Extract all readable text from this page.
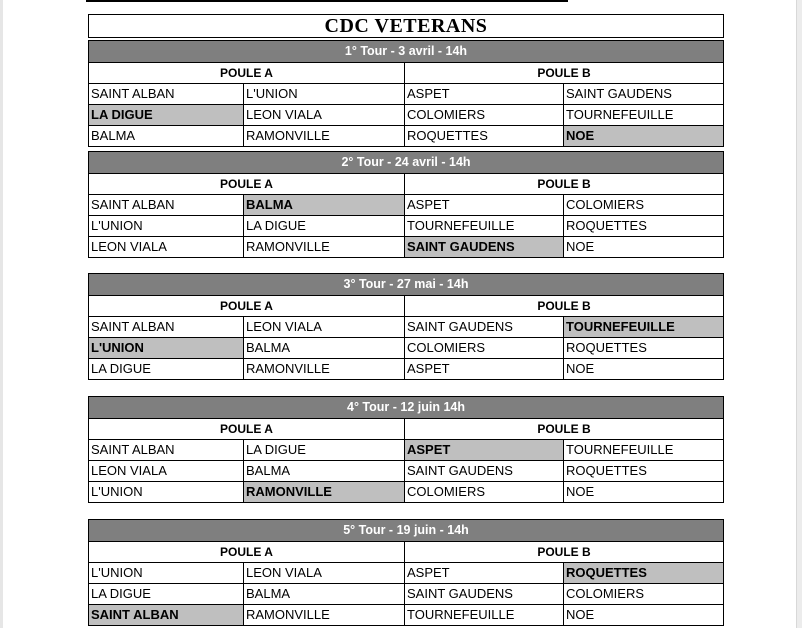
CDC VETERANS
1° Tour - 3 avril - 14h
POULE A	POULE B
SAINT ALBAN	L'UNION	ASPET	SAINT GAUDENS
LA DIGUE	LEON VIALA	COLOMIERS	TOURNEFEUILLE
BALMA	RAMONVILLE	ROQUETTES	NOE
2° Tour - 24 avril - 14h
POULE A	POULE B
SAINT ALBAN	BALMA	ASPET	COLOMIERS
L'UNION	LA DIGUE	TOURNEFEUILLE	ROQUETTES
LEON VIALA	RAMONVILLE	SAINT GAUDENS	NOE
3° Tour - 27 mai - 14h
POULE A	POULE B
SAINT ALBAN	LEON VIALA	SAINT GAUDENS	TOURNEFEUILLE
L'UNION	BALMA	COLOMIERS	ROQUETTES
LA DIGUE	RAMONVILLE	ASPET	NOE
4° Tour - 12 juin 14h
POULE A	POULE B
SAINT ALBAN	LA DIGUE	ASPET	TOURNEFEUILLE
LEON VIALA	BALMA	SAINT GAUDENS	ROQUETTES
L'UNION	RAMONVILLE	COLOMIERS	NOE
5° Tour - 19 juin - 14h
POULE A	POULE B
L'UNION	LEON VIALA	ASPET	ROQUETTES
LA DIGUE	BALMA	SAINT GAUDENS	COLOMIERS
SAINT ALBAN	RAMONVILLE	TOURNEFEUILLE	NOE
